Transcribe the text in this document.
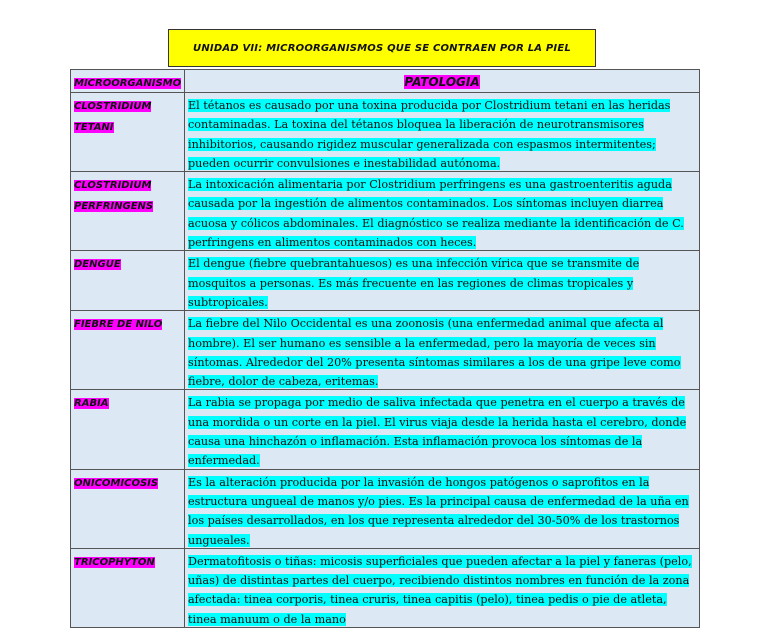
UNIDAD VII: MICROORGANISMOS QUE SE CONTRAEN POR LA PIEL
MICROORGANISMO	PATOLOGIA
CLOSTRIDIUM TETANI	El tétanos es causado por una toxina producida por Clostridium tetani en las heridas contaminadas. La toxina del tétanos bloquea la liberación de neurotransmisores inhibitorios, causando rigidez muscular generalizada con espasmos intermitentes; pueden ocurrir convulsiones e inestabilidad autónoma.
CLOSTRIDIUM PERFRINGENS	La intoxicación alimentaria por Clostridium perfringens es una gastroenteritis aguda causada por la ingestión de alimentos contaminados. Los síntomas incluyen diarrea acuosa y cólicos abdominales. El diagnóstico se realiza mediante la identificación de C. perfringens en alimentos contaminados con heces.
DENGUE	El dengue (fiebre quebrantahuesos) es una infección vírica que se transmite de mosquitos a personas. Es más frecuente en las regiones de climas tropicales y subtropicales.
FIEBRE DE NILO	La fiebre del Nilo Occidental es una zoonosis (una enfermedad animal que afecta al hombre). El ser humano es sensible a la enfermedad, pero la mayoría de veces sin síntomas. Alrededor del 20% presenta síntomas similares a los de una gripe leve como fiebre, dolor de cabeza, eritemas.
RABIA	La rabia se propaga por medio de saliva infectada que penetra en el cuerpo a través de una mordida o un corte en la piel. El virus viaja desde la herida hasta el cerebro, donde causa una hinchazón o inflamación. Esta inflamación provoca los síntomas de la enfermedad.
ONICOMICOSIS	Es la alteración producida por la invasión de hongos patógenos o saprofitos en la estructura ungueal de manos y/o pies. Es la principal causa de enfermedad de la uña en los países desarrollados, en los que representa alrededor del 30-50% de los trastornos ungueales.
TRICOPHYTON	Dermatofitosis o tiñas: micosis superficiales que pueden afectar a la piel y faneras (pelo, uñas) de distintas partes del cuerpo, recibiendo distintos nombres en función de la zona afectada: tinea corporis, tinea cruris, tinea capitis (pelo), tinea pedis o pie de atleta, tinea manuum o de la mano
